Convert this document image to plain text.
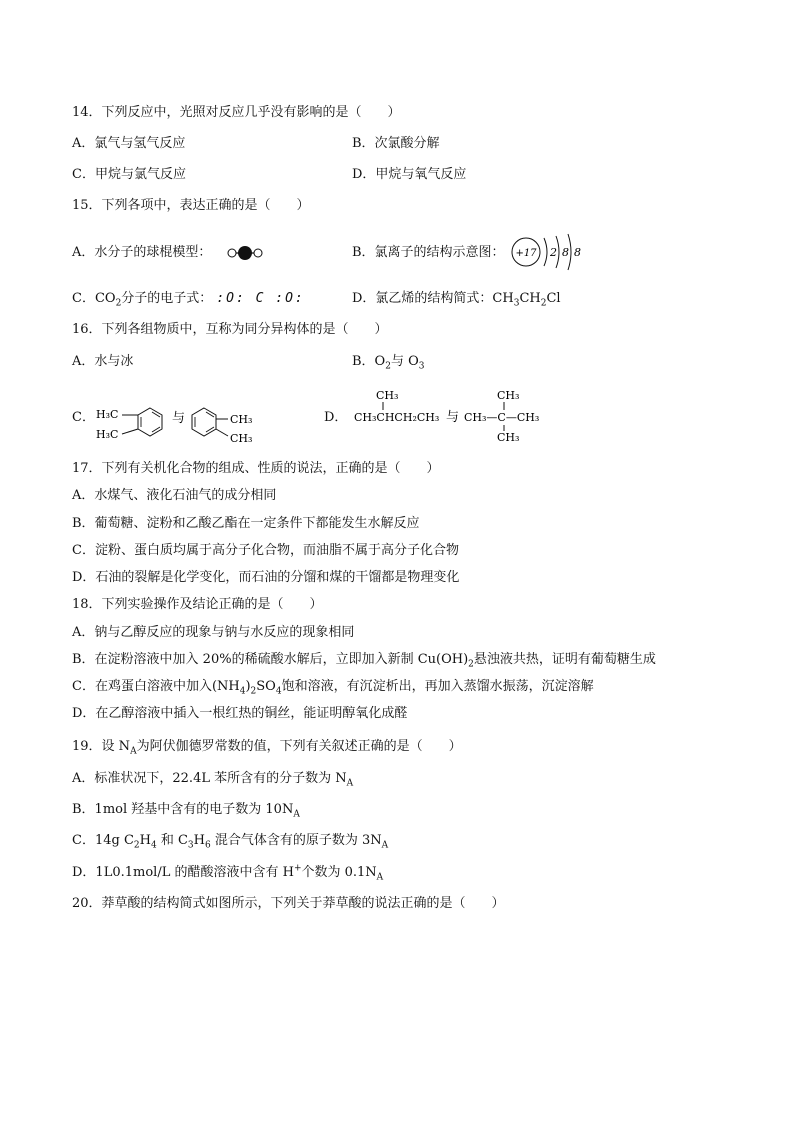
14．下列反应中，光照对反应几乎没有影响的是（　　）
A．氯气与氢气反应	B．次氯酸分解
C．甲烷与氯气反应	D．甲烷与氧气反应
15．下列各项中，表达正确的是（　　）
A．水分子的球棍模型：	B．氯离子的结构示意图： +17 2 8 8
C．$CO_2$分子的电子式： :O: C :O:	D．氯乙烯的结构简式：$CH_3CH_2Cl$
16．下列各组物质中，互称为同分异构体的是（　　）
A．水与冰	B．$O_2$与 $O_3$
C． H₃C
H₃C
与	CH₃
CH₃
D．
CH₃
CH₃CHCH₂CH₃ 与
CH₃
CH₃—C—CH₃
CH₃
17．下列有关机化合物的组成、性质的说法，正确的是（　　）
A．水煤气、液化石油气的成分相同
B．葡萄糖、淀粉和乙酸乙酯在一定条件下都能发生水解反应
C．淀粉、蛋白质均属于高分子化合物，而油脂不属于高分子化合物
D．石油的裂解是化学变化，而石油的分馏和煤的干馏都是物理变化
18．下列实验操作及结论正确的是（　　）
A．钠与乙醇反应的现象与钠与水反应的现象相同
B．在淀粉溶液中加入 20%的稀硫酸水解后，立即加入新制 $Cu(OH)_2$悬浊液共热，证明有葡萄糖生成
C．在鸡蛋白溶液中加入$(NH_4)_2SO_4$饱和溶液，有沉淀析出，再加入蒸馏水振荡，沉淀溶解
D．在乙醇溶液中插入一根红热的铜丝，能证明醇氧化成醛
19．设 $N_A$为阿伏伽德罗常数的值，下列有关叙述正确的是（　　）
A．标准状况下，22.4L 苯所含有的分子数为 $N_A$
B．1mol 羟基中含有的电子数为 $10N_A$
C．14g $C_2H_4$ 和 $C_3H_6$ 混合气体含有的原子数为 $3N_A$
D．1L0.1mol/L 的醋酸溶液中含有 H+个数为 $0.1N_A$
20．莽草酸的结构简式如图所示，下列关于莽草酸的说法正确的是（　　）
